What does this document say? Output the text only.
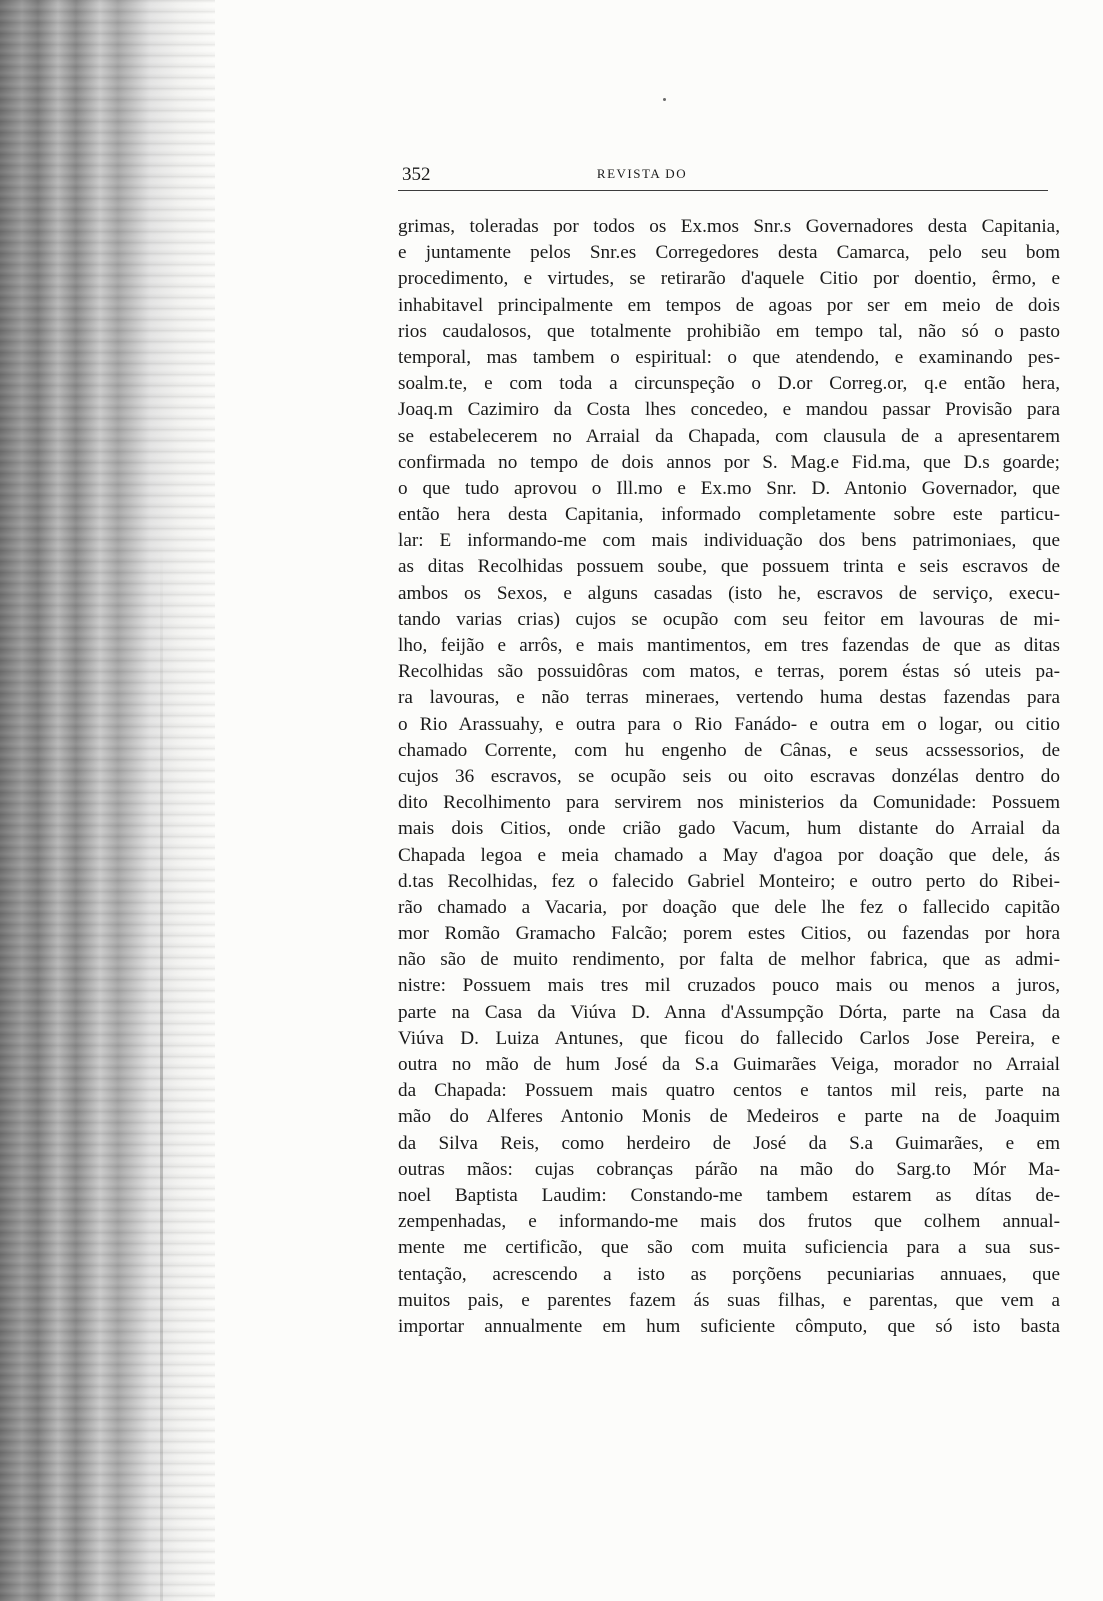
352	REVISTA DO
grimas, toleradas por todos os Ex.mos Snr.s Governadores desta Capitania,
e juntamente pelos Snr.es Corregedores desta Camarca, pelo seu bom
procedimento, e virtudes, se retirarão d'aquele Citio por doentio, êrmo, e
inhabitavel principalmente em tempos de agoas por ser em meio de dois
rios caudalosos, que totalmente prohibião em tempo tal, não só o pasto
temporal, mas tambem o espiritual: o que atendendo, e examinando pes-
soalm.te, e com toda a circunspeção o D.or Correg.or, q.e então hera,
Joaq.m Cazimiro da Costa lhes concedeo, e mandou passar Provisão para
se estabelecerem no Arraial da Chapada, com clausula de a apresentarem
confirmada no tempo de dois annos por S. Mag.e Fid.ma, que D.s goarde;
o que tudo aprovou o Ill.mo e Ex.mo Snr. D. Antonio Governador, que
então hera desta Capitania, informado completamente sobre este particu-
lar: E informando-me com mais individuação dos bens patrimoniaes, que
as ditas Recolhidas possuem soube, que possuem trinta e seis escravos de
ambos os Sexos, e alguns casadas (isto he, escravos de serviço, execu-
tando varias crias) cujos se ocupão com seu feitor em lavouras de mi-
lho, feijão e arrôs, e mais mantimentos, em tres fazendas de que as ditas
Recolhidas são possuidôras com matos, e terras, porem éstas só uteis pa-
ra lavouras, e não terras mineraes, vertendo huma destas fazendas para
o Rio Arassuahy, e outra para o Rio Fanádo- e outra em o logar, ou citio
chamado Corrente, com hu engenho de Cânas, e seus acssessorios, de
cujos 36 escravos, se ocupão seis ou oito escravas donzélas dentro do
dito Recolhimento para servirem nos ministerios da Comunidade: Possuem
mais dois Citios, onde crião gado Vacum, hum distante do Arraial da
Chapada legoa e meia chamado a May d'agoa por doação que dele, ás
d.tas Recolhidas, fez o falecido Gabriel Monteiro; e outro perto do Ribei-
rão chamado a Vacaria, por doação que dele lhe fez o fallecido capitão
mor Romão Gramacho Falcão; porem estes Citios, ou fazendas por hora
não são de muito rendimento, por falta de melhor fabrica, que as admi-
nistre: Possuem mais tres mil cruzados pouco mais ou menos a juros,
parte na Casa da Viúva D. Anna d'Assumpção Dórta, parte na Casa da
Viúva D. Luiza Antunes, que ficou do fallecido Carlos Jose Pereira, e
outra no mão de hum José da S.a Guimarães Veiga, morador no Arraial
da Chapada: Possuem mais quatro centos e tantos mil reis, parte na
mão do Alferes Antonio Monis de Medeiros e parte na de Joaquim
da Silva Reis, como herdeiro de José da S.a Guimarães, e em
outras mãos: cujas cobranças párão na mão do Sarg.to Mór Ma-
noel Baptista Laudim: Constando-me tambem estarem as dítas de-
zempenhadas, e informando-me mais dos frutos que colhem annual-
mente me certificão, que são com muita suficiencia para a sua sus-
tentação, acrescendo a isto as porçõens pecuniarias annuaes, que
muitos pais, e parentes fazem ás suas filhas, e parentas, que vem a
importar annualmente em hum suficiente cômputo, que só isto basta
